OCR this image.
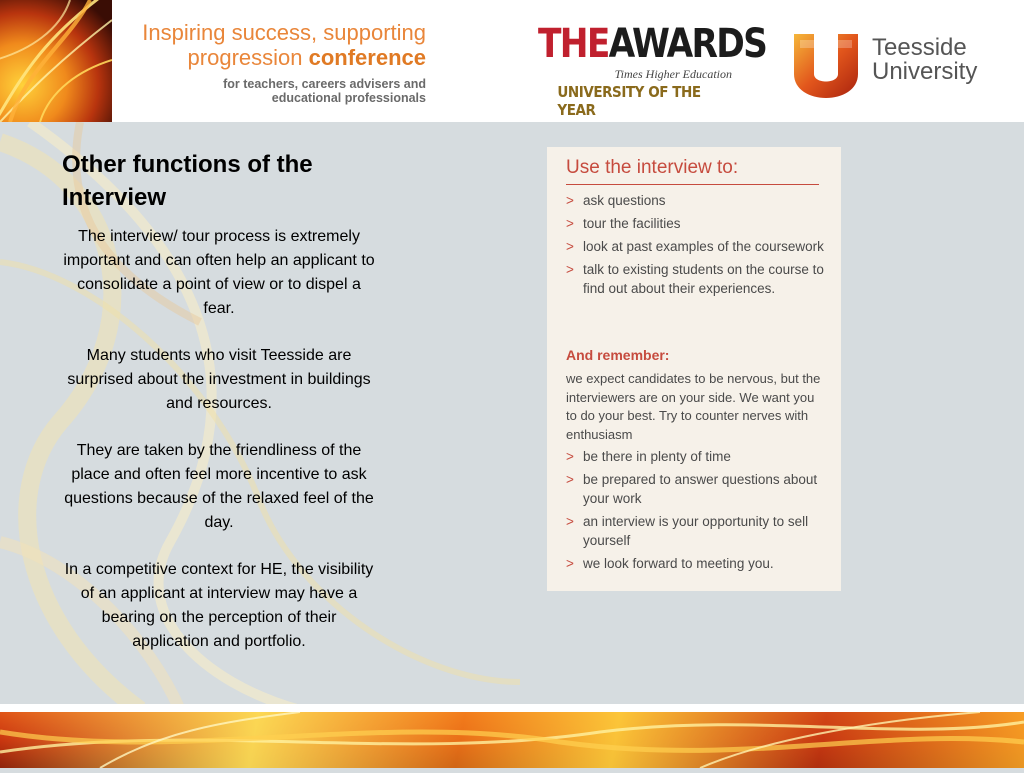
Inspiring success, supporting
progression conference
for teachers, careers advisers and
educational professionals
THEAWARDS
Times Higher Education
UNIVERSITY OF THE YEAR
Teesside
University
Other functions of the Interview

The interview/ tour process is extremely important and can often help an applicant to consolidate a point of view or to dispel a fear.

Many students who visit Teesside are surprised about the investment in buildings and resources.

They are taken by the friendliness of the place and often feel more incentive to ask questions because of the relaxed feel of the day.

In a competitive context for HE, the visibility of an applicant at interview may have a bearing on the perception of their application and portfolio.

Use the interview to:
> ask questions
> tour the facilities
> look at past examples of the coursework
> talk to existing students on the course to find out about their experiences.
And remember:
we expect candidates to be nervous, but the interviewers are on your side. We want you to do your best. Try to counter nerves with enthusiasm
> be there in plenty of time
> be prepared to answer questions about your work
> an interview is your opportunity to sell yourself
> we look forward to meeting you.
